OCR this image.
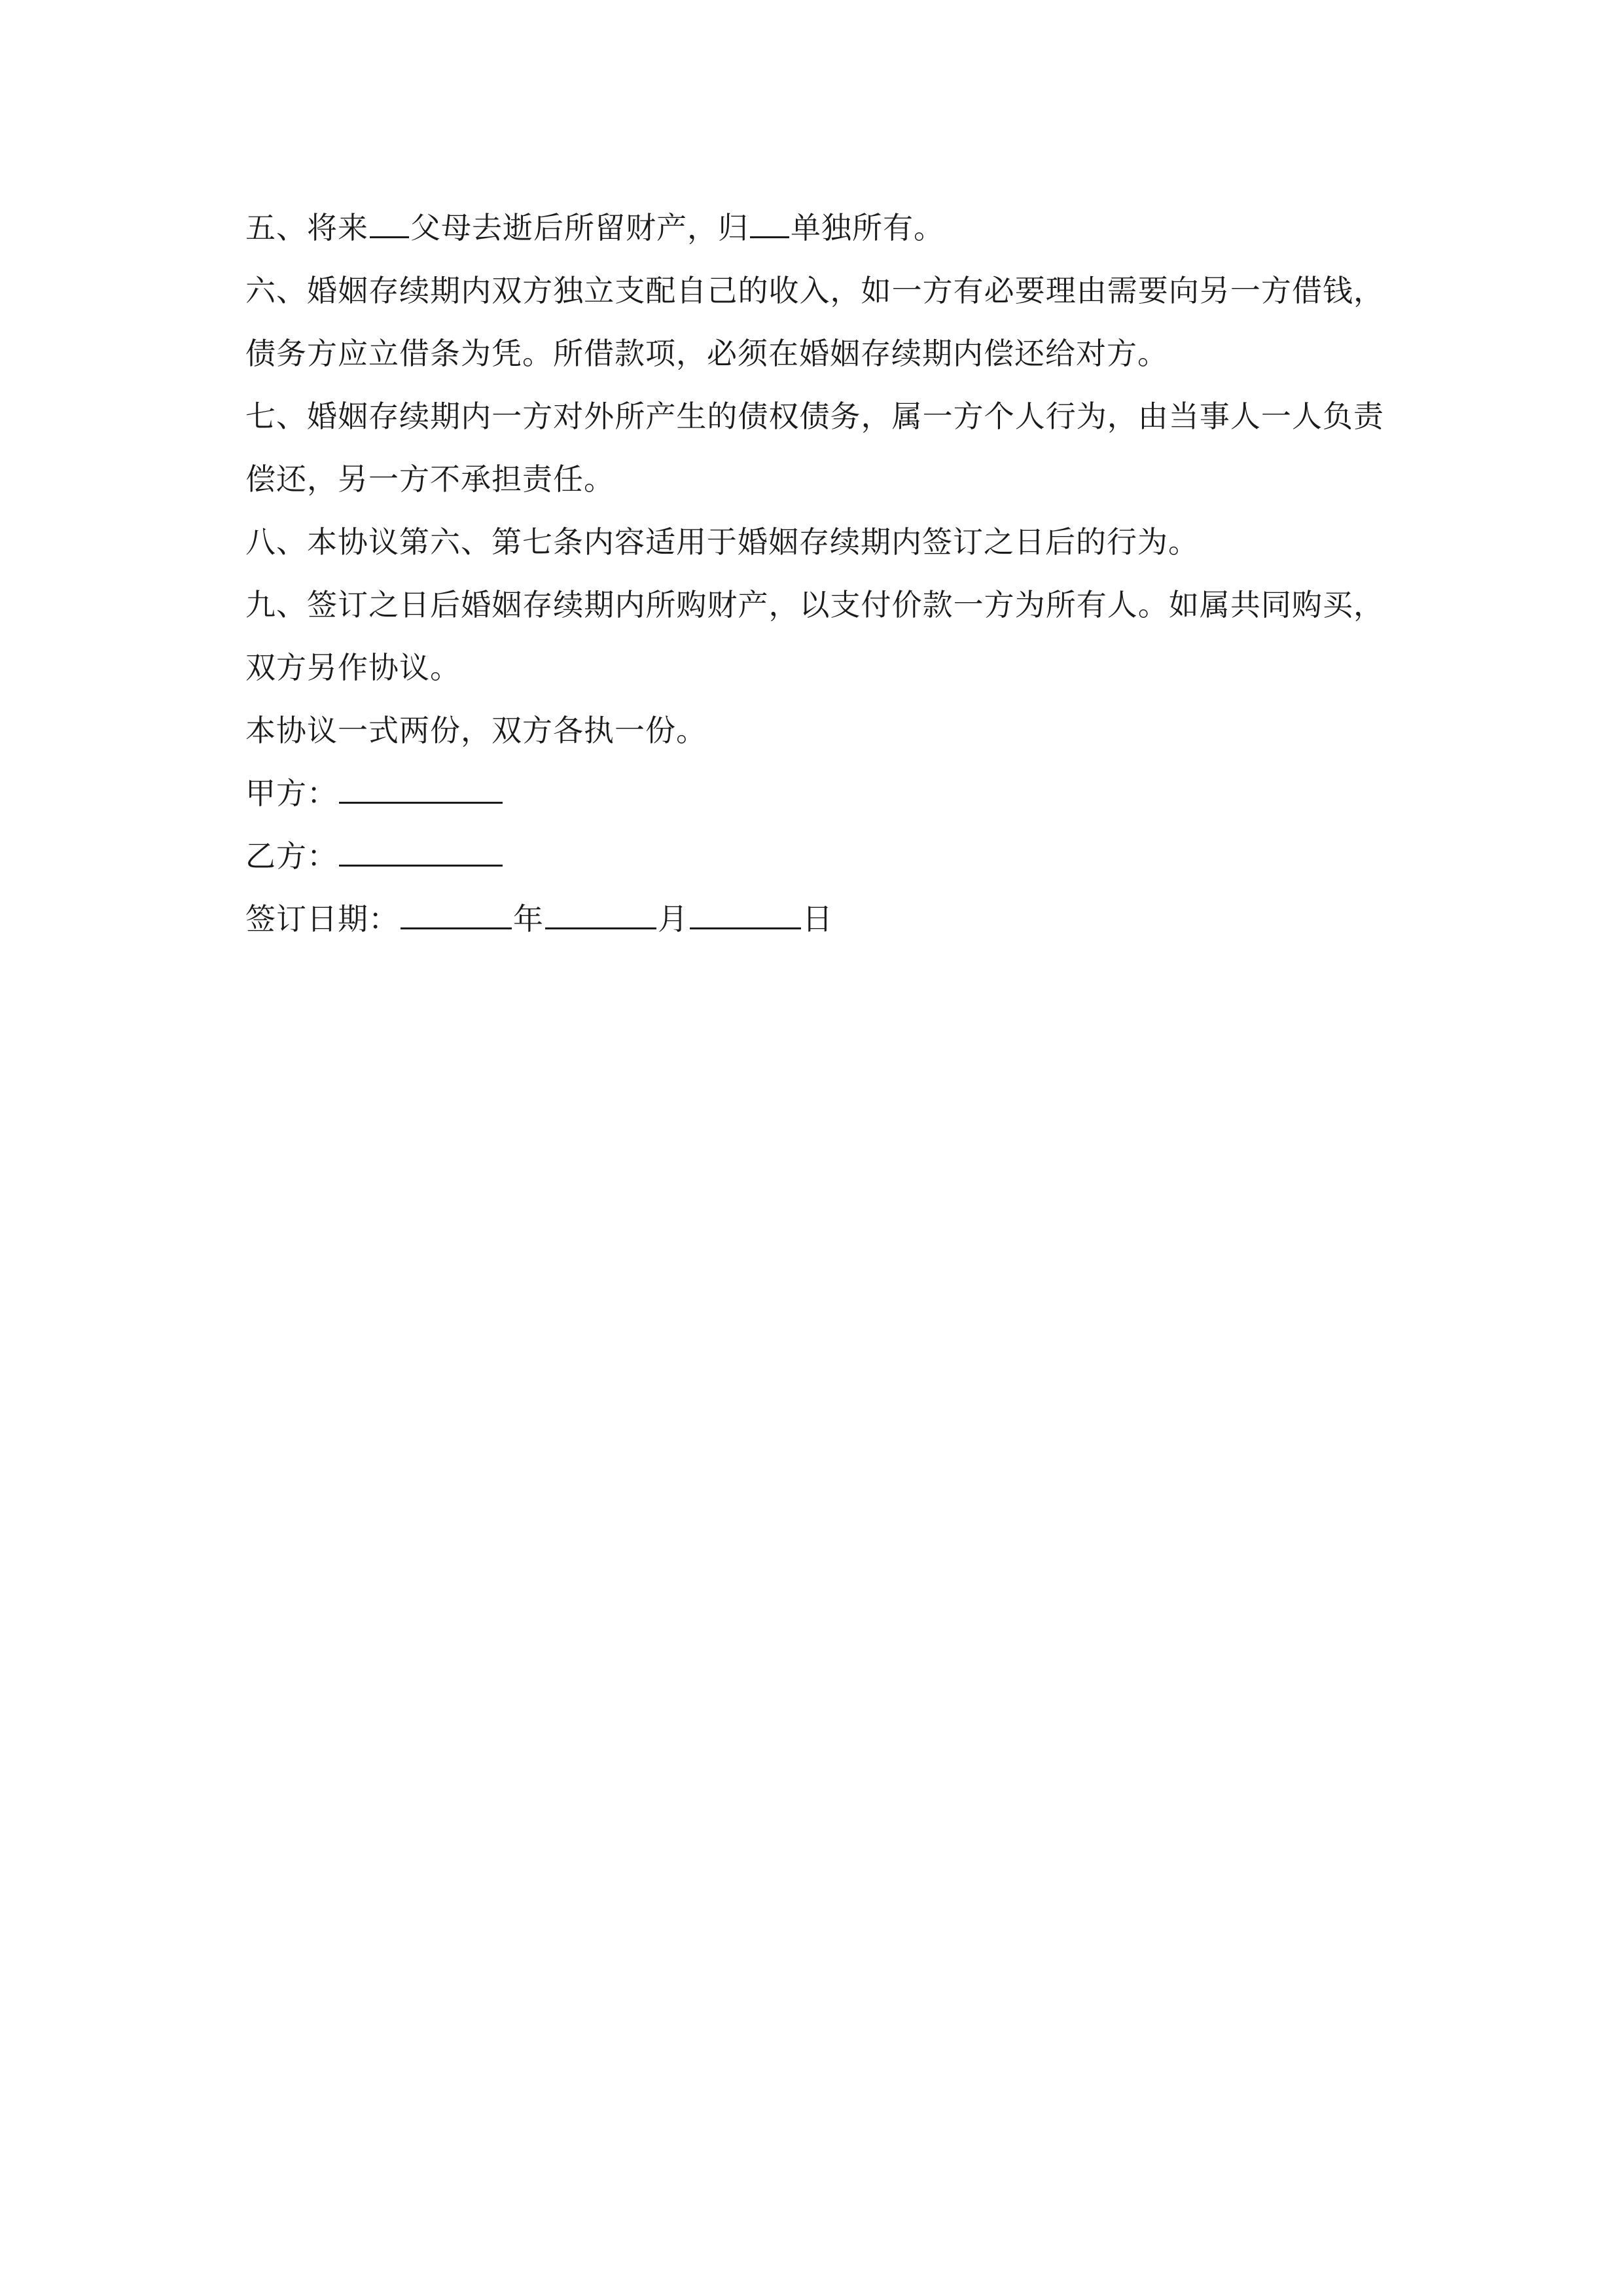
五、将来 父母去逝后所留财产，归 单独所有。

六、婚姻存续期内双方独立支配自己的收入，如一方有必要理由需要向另一方借钱，债务方应立借条为凭。所借款项，必须在婚姻存续期内偿还给对方。

七、婚姻存续期内一方对外所产生的债权债务，属一方个人行为，由当事人一人负责偿还，另一方不承担责任。

八、本协议第六、第七条内容适用于婚姻存续期内签订之日后的行为。

九、签订之日后婚姻存续期内所购财产，以支付价款一方为所有人。如属共同购买，双方另作协议。

本协议一式两份，双方各执一份。

甲方：

乙方：

签订日期：	年	月	日
